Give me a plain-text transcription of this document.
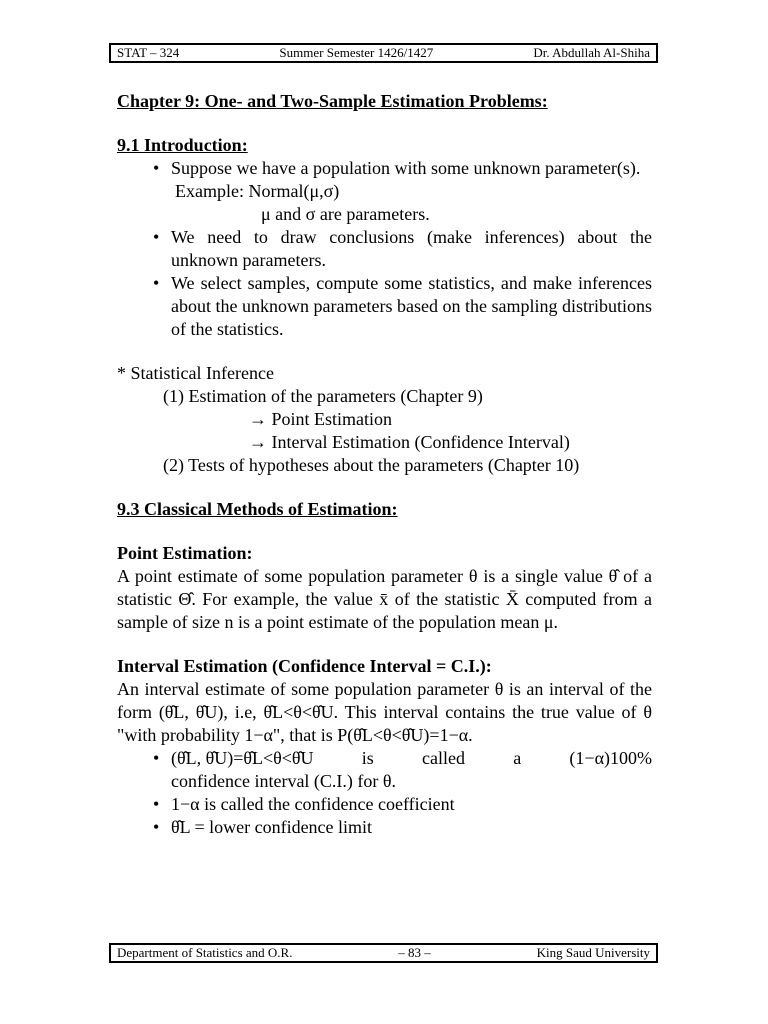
STAT – 324	Summer Semester 1426/1427	Dr. Abdullah Al-Shiha
Chapter 9: One- and Two-Sample Estimation Problems:
9.1 Introduction:
• Suppose we have a population with some unknown parameter(s).
Example: Normal(μ,σ)
μ and σ are parameters.
• We need to draw conclusions (make inferences) about the unknown parameters.
• We select samples, compute some statistics, and make inferences about the unknown parameters based on the sampling distributions of the statistics.
* Statistical Inference
(1) Estimation of the parameters (Chapter 9)
→ Point Estimation
→ Interval Estimation (Confidence Interval)
(2) Tests of hypotheses about the parameters (Chapter 10)
9.3 Classical Methods of Estimation:
Point Estimation:

A point estimate of some population parameter θ is a single value θ̂ of a statistic Θ̂. For example, the value x̄ of the statistic X̄ computed from a sample of size n is a point estimate of the population mean μ.

Interval Estimation (Confidence Interval = C.I.):

An interval estimate of some population parameter θ is an interval of the form (θ̂L, θ̂U), i.e, θ̂L<θ<θ̂U. This interval contains the true value of θ "with probability 1−α", that is P(θ̂L<θ<θ̂U)=1−α.

• (θ̂L, θ̂U)=θ̂L<θ<θ̂U	is	called	a	(1−α)100%
confidence interval (C.I.) for θ.
• 1−α is called the confidence coefficient
• θ̂L = lower confidence limit
Department of Statistics and O.R.	– 83 –	King Saud University
